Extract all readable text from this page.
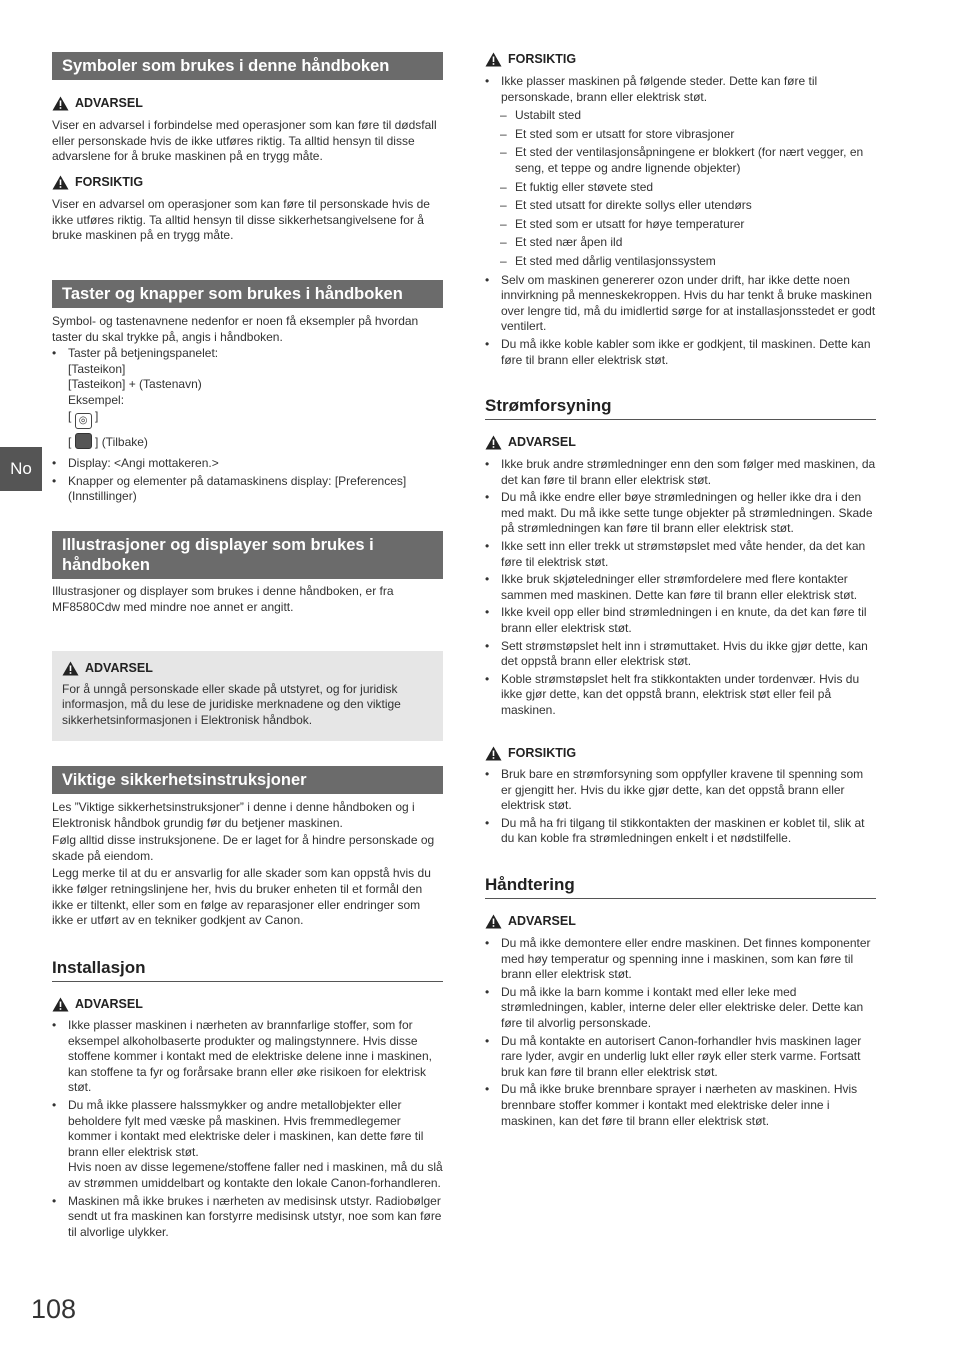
No
Symboler som brukes i denne håndboken
ADVARSEL

Viser en advarsel i forbindelse med operasjoner som kan føre til dødsfall eller personskade hvis de ikke utføres riktig. Ta alltid hensyn til disse advarslene for å bruke maskinen på en trygg måte.

FORSIKTIG

Viser en advarsel om operasjoner som kan føre til personskade hvis de ikke utføres riktig. Ta alltid hensyn til disse sikkerhetsangivelsene for å bruke maskinen på en trygg måte.

Taster og knapper som brukes i håndboken

Symbol- og tastenavnene nedenfor er noen få eksempler på hvordan taster du skal trykke på, angis i håndboken.

• Taster på betjeningspanelet:
[Tasteikon]
[Tasteikon] + (Tastenavn)
Eksempel:
[ ◎ ]
[  ] (Tilbake)
• Display: <Angi mottakeren.>
• Knapper og elementer på datamaskinens display: [Preferences] (Innstillinger)
Illustrasjoner og displayer som brukes i håndboken

Illustrasjoner og displayer som brukes i denne håndboken, er fra MF8580Cdw med mindre noe annet er angitt.

ADVARSEL

For å unngå personskade eller skade på utstyret, og for juridisk informasjon, må du lese de juridiske merknadene og den viktige sikkerhetsinformasjonen i Elektronisk håndbok.

Viktige sikkerhetsinstruksjoner

Les ”Viktige sikkerhetsinstruksjoner” i denne i denne håndboken og i Elektronisk håndbok grundig før du betjener maskinen.

Følg alltid disse instruksjonene. De er laget for å hindre personskade og skade på eiendom.

Legg merke til at du er ansvarlig for alle skader som kan oppstå hvis du ikke følger retningslinjene her, hvis du bruker enheten til et formål den ikke er tiltenkt, eller som en følge av reparasjoner eller endringer som ikke er utført av en tekniker godkjent av Canon.

Installasjon
ADVARSEL
• Ikke plasser maskinen i nærheten av brannfarlige stoffer, som for eksempel alkoholbaserte produkter og malingstynnere. Hvis disse stoffene kommer i kontakt med de elektriske delene inne i maskinen, kan stoffene ta fyr og forårsake brann eller øke risikoen for elektrisk støt.
• Du må ikke plassere halssmykker og andre metallobjekter eller beholdere fylt med væske på maskinen. Hvis fremmedlegemer kommer i kontakt med elektriske deler i maskinen, kan dette føre til brann eller elektrisk støt.
Hvis noen av disse legemene/stoffene faller ned i maskinen, må du slå av strømmen umiddelbart og kontakte den lokale Canon-forhandleren.
• Maskinen må ikke brukes i nærheten av medisinsk utstyr. Radiobølger sendt ut fra maskinen kan forstyrre medisinsk utstyr, noe som kan føre til alvorlige ulykker.
FORSIKTIG
• Ikke plasser maskinen på følgende steder. Dette kan føre til personskade, brann eller elektrisk støt.
– Ustabilt sted
– Et sted som er utsatt for store vibrasjoner
– Et sted der ventilasjonsåpningene er blokkert (for nært vegger, en seng, et teppe og andre lignende objekter)
– Et fuktig eller støvete sted
– Et sted utsatt for direkte sollys eller utendørs
– Et sted som er utsatt for høye temperaturer
– Et sted nær åpen ild
– Et sted med dårlig ventilasjonssystem
• Selv om maskinen genererer ozon under drift, har ikke dette noen innvirkning på menneskekroppen. Hvis du har tenkt å bruke maskinen over lengre tid, må du imidlertid sørge for at installasjonsstedet er godt ventilert.
• Du må ikke koble kabler som ikke er godkjent, til maskinen. Dette kan føre til brann eller elektrisk støt.
Strømforsyning
ADVARSEL
• Ikke bruk andre strømledninger enn den som følger med maskinen, da det kan føre til brann eller elektrisk støt.
• Du må ikke endre eller bøye strømledningen og heller ikke dra i den med makt. Du må ikke sette tunge objekter på strømledningen. Skade på strømledningen kan føre til brann eller elektrisk støt.
• Ikke sett inn eller trekk ut strømstøpslet med våte hender, da det kan føre til elektrisk støt.
• Ikke bruk skjøteledninger eller strømfordelere med flere kontakter sammen med maskinen. Dette kan føre til brann eller elektrisk støt.
• Ikke kveil opp eller bind strømledningen i en knute, da det kan føre til brann eller elektrisk støt.
• Sett strømstøpslet helt inn i strømuttaket. Hvis du ikke gjør dette, kan det oppstå brann eller elektrisk støt.
• Koble strømstøpslet helt fra stikkontakten under tordenvær. Hvis du ikke gjør dette, kan det oppstå brann, elektrisk støt eller feil på maskinen.
FORSIKTIG
• Bruk bare en strømforsyning som oppfyller kravene til spenning som er gjengitt her. Hvis du ikke gjør dette, kan det oppstå brann eller elektrisk støt.
• Du må ha fri tilgang til stikkontakten der maskinen er koblet til, slik at du kan koble fra strømledningen enkelt i et nødstilfelle.
Håndtering
ADVARSEL
• Du må ikke demontere eller endre maskinen. Det finnes komponenter med høy temperatur og spenning inne i maskinen, som kan føre til brann eller elektrisk støt.
• Du må ikke la barn komme i kontakt med eller leke med strømledningen, kabler, interne deler eller elektriske deler. Dette kan føre til alvorlig personskade.
• Du må kontakte en autorisert Canon-forhandler hvis maskinen lager rare lyder, avgir en underlig lukt eller røyk eller sterk varme. Fortsatt bruk kan føre til brann eller elektrisk støt.
• Du må ikke bruke brennbare sprayer i nærheten av maskinen. Hvis brennbare stoffer kommer i kontakt med elektriske deler inne i maskinen, kan det føre til brann eller elektrisk støt.
108
